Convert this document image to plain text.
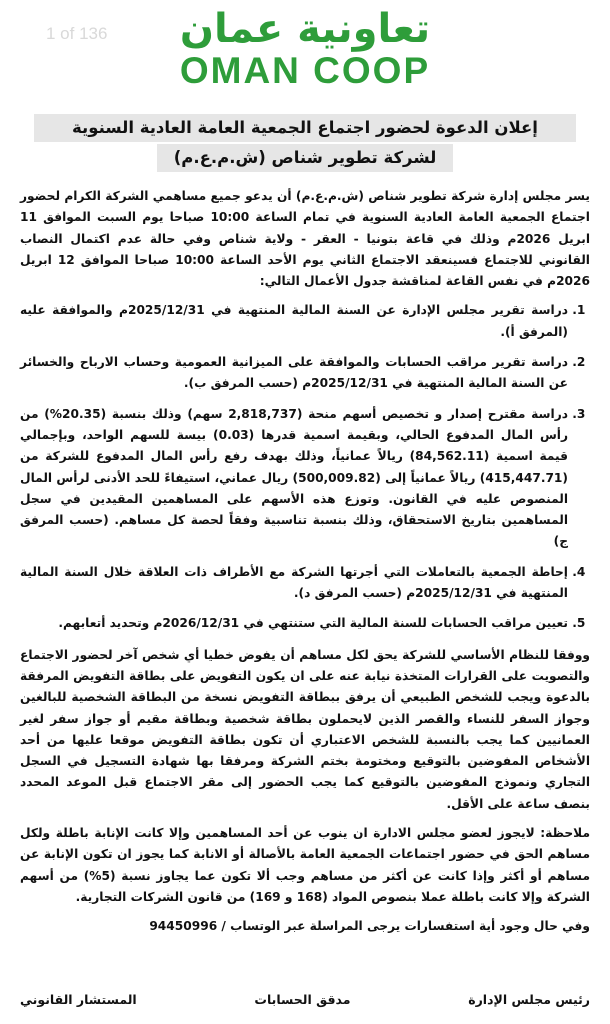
1 of 136	تعاونية عمان
OMAN COOP
إعلان الدعوة لحضور اجتماع الجمعية العامة العادية السنوية
لشركة تطوير شناص (ش.م.ع.م)

يسر مجلس إدارة شركة تطوير شناص (ش.م.ع.م) أن يدعو جميع مساهمي الشركة الكرام لحضور اجتماع الجمعية العامة العادية السنوية في تمام الساعة 10:00 صباحا يوم السبت الموافق 11 ابريل 2026م وذلك في قاعة بتونيا - العقر - ولاية شناص وفي حالة عدم اكتمال النصاب القانوني للاجتماع فسينعقد الاجتماع الثاني يوم الأحد الساعة 10:00 صباحا الموافق 12 ابريل 2026م في نفس القاعة لمناقشة جدول الأعمال التالي:

1. دراسة تقرير مجلس الإدارة عن السنة المالية المنتهية في 2025/12/31م والموافقة عليه (المرفق أ).
2. دراسة تقرير مراقب الحسابات والموافقة على الميزانية العمومية وحساب الارباح والخسائر عن السنة المالية المنتهية في 2025/12/31م (حسب المرفق ب).
3. دراسة مقترح إصدار و تخصيص أسهم منحة (2,818,737 سهم) وذلك بنسبة (20.35%) من رأس المال المدفوع الحالي، وبقيمة اسمية قدرها (0.03) بيسة للسهم الواحد، وبإجمالي قيمة اسمية (84,562.11) ريالاً عمانياً، وذلك بهدف رفع رأس المال المدفوع للشركة من (415,447.71) ريالاً عمانياً إلى (500,009.82) ريال عماني، استيفاءً للحد الأدنى لرأس المال المنصوص عليه في القانون. وتوزع هذه الأسهم على المساهمين المقيدين في سجل المساهمين بتاريخ الاستحقاق، وذلك بنسبة تناسبية وفقاً لحصة كل مساهم. (حسب المرفق ج)
4. إحاطة الجمعية بالتعاملات التي أجرتها الشركة مع الأطراف ذات العلاقة خلال السنة المالية المنتهية في 2025/12/31م (حسب المرفق د).
5. تعيين مراقب الحسابات للسنة المالية التي ستنتهي في 2026/12/31م وتحديد أتعابهم.

ووفقا للنظام الأساسي للشركة يحق لكل مساهم أن يفوض خطيا أي شخص آخر لحضور الاجتماع والتصويت على القرارات المتخذة نيابة عنه على ان يكون التفويض على بطاقة التفويض المرفقة بالدعوة ويجب للشخص الطبيعي أن يرفق ببطاقة التفويض نسخة من البطاقة الشخصية للبالغين وجواز السفر للنساء والقصر الذين لايحملون بطاقة شخصية وبطاقة مقيم أو جواز سفر لغير العمانيين كما يجب بالنسبة للشخص الاعتباري أن تكون بطاقة التفويض موقعا عليها من أحد الأشخاص المفوضين بالتوقيع ومختومة بختم الشركة ومرفقا بها شهادة التسجيل في السجل التجاري ونموذج المفوضين بالتوقيع كما يجب الحضور إلى مقر الاجتماع قبل الموعد المحدد بنصف ساعة على الأقل.

ملاحظة: لايجوز لعضو مجلس الادارة ان ينوب عن أحد المساهمين وإلا كانت الإنابة باطلة ولكل مساهم الحق في حضور اجتماعات الجمعية العامة بالأصالة أو الانابة كما يجوز ان تكون الإنابة عن مساهم أو أكثر وإذا كانت عن أكثر من مساهم وجب ألا تكون عما يجاوز نسبة (5%) من أسهم الشركة وإلا كانت باطلة عملا بنصوص المواد (168 و 169) من قانون الشركات التجارية.

وفي حال وجود أية استفسارات يرجى المراسلة عبر الوتساب / 94450996

المستشار القانوني	مدقق الحسابات	رئيس مجلس الإدارة
